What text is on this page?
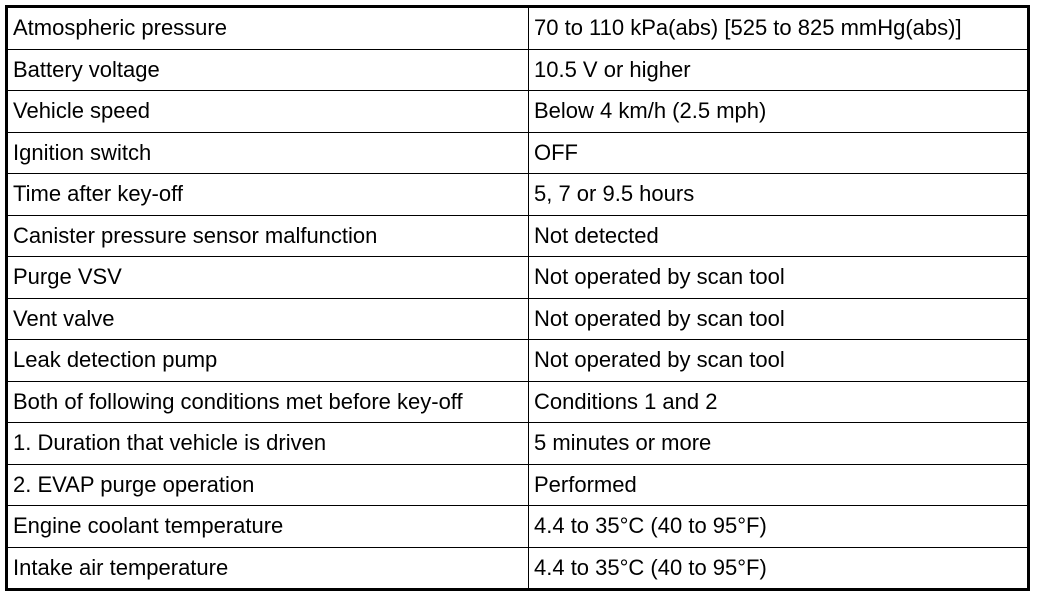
Atmospheric pressure	70 to 110 kPa(abs) [525 to 825 mmHg(abs)]
Battery voltage	10.5 V or higher
Vehicle speed	Below 4 km/h (2.5 mph)
Ignition switch	OFF
Time after key-off	5, 7 or 9.5 hours
Canister pressure sensor malfunction	Not detected
Purge VSV	Not operated by scan tool
Vent valve	Not operated by scan tool
Leak detection pump	Not operated by scan tool
Both of following conditions met before key-off	Conditions 1 and 2
1. Duration that vehicle is driven	5 minutes or more
2. EVAP purge operation	Performed
Engine coolant temperature	4.4 to 35°C (40 to 95°F)
Intake air temperature	4.4 to 35°C (40 to 95°F)
